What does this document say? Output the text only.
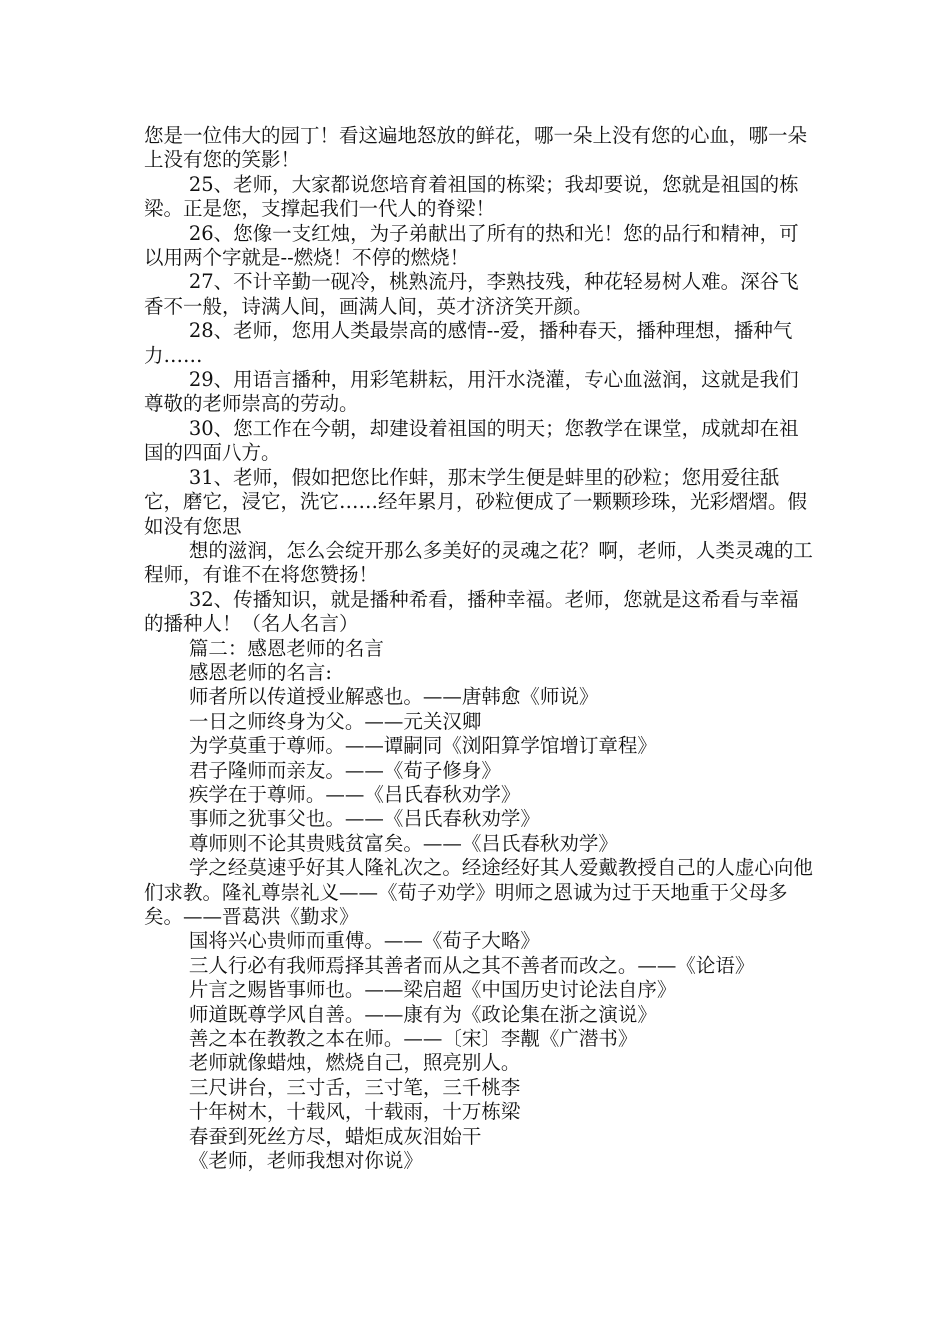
您是一位伟大的园丁！看这遍地怒放的鲜花，哪一朵上没有您的心血，哪一朵上没有您的笑影！

25、老师，大家都说您培育着祖国的栋梁；我却要说，您就是祖国的栋梁。正是您，支撑起我们一代人的脊梁！

26、您像一支红烛，为子弟献出了所有的热和光！您的品行和精神，可以用两个字就是--燃烧！不停的燃烧！

27、不计辛勤一砚冷，桃熟流丹，李熟技残，种花轻易树人难。深谷飞香不一般，诗满人间，画满人间，英才济济笑开颜。

28、老师，您用人类最崇高的感情--爱，播种春天，播种理想，播种气力……

29、用语言播种，用彩笔耕耘，用汗水浇灌，专心血滋润，这就是我们尊敬的老师崇高的劳动。

30、您工作在今朝，却建设着祖国的明天；您教学在课堂，成就却在祖国的四面八方。

31、老师，假如把您比作蚌，那末学生便是蚌里的砂粒；您用爱往舐它，磨它，浸它，洗它……经年累月，砂粒便成了一颗颗珍珠，光彩熠熠。假如没有您思

想的滋润，怎么会绽开那么多美好的灵魂之花？啊，老师，人类灵魂的工程师，有谁不在将您赞扬！

32、传播知识，就是播种希看，播种幸福。老师，您就是这希看与幸福的播种人！（名人名言）

篇二：感恩老师的名言

感恩老师的名言:

师者所以传道授业解惑也。——唐韩愈《师说》

一日之师终身为父。——元关汉卿

为学莫重于尊师。——谭嗣同《浏阳算学馆增订章程》

君子隆师而亲友。——《荀子修身》

疾学在于尊师。——《吕氏春秋劝学》

事师之犹事父也。——《吕氏春秋劝学》

尊师则不论其贵贱贫富矣。——《吕氏春秋劝学》

学之经莫速乎好其人隆礼次之。经途经好其人爱戴教授自己的人虚心向他们求教。隆礼尊崇礼义——《荀子劝学》明师之恩诚为过于天地重于父母多矣。——晋葛洪《勤求》

国将兴心贵师而重傅。——《荀子大略》

三人行必有我师焉择其善者而从之其不善者而改之。——《论语》

片言之赐皆事师也。——梁启超《中国历史讨论法自序》

师道既尊学风自善。——康有为《政论集在浙之演说》

善之本在教教之本在师。——〔宋〕李觏《广潜书》

老师就像蜡烛，燃烧自己，照亮别人。

三尺讲台，三寸舌，三寸笔，三千桃李

十年树木，十载风，十载雨，十万栋梁

春蚕到死丝方尽，蜡炬成灰泪始干

《老师，老师我想对你说》
